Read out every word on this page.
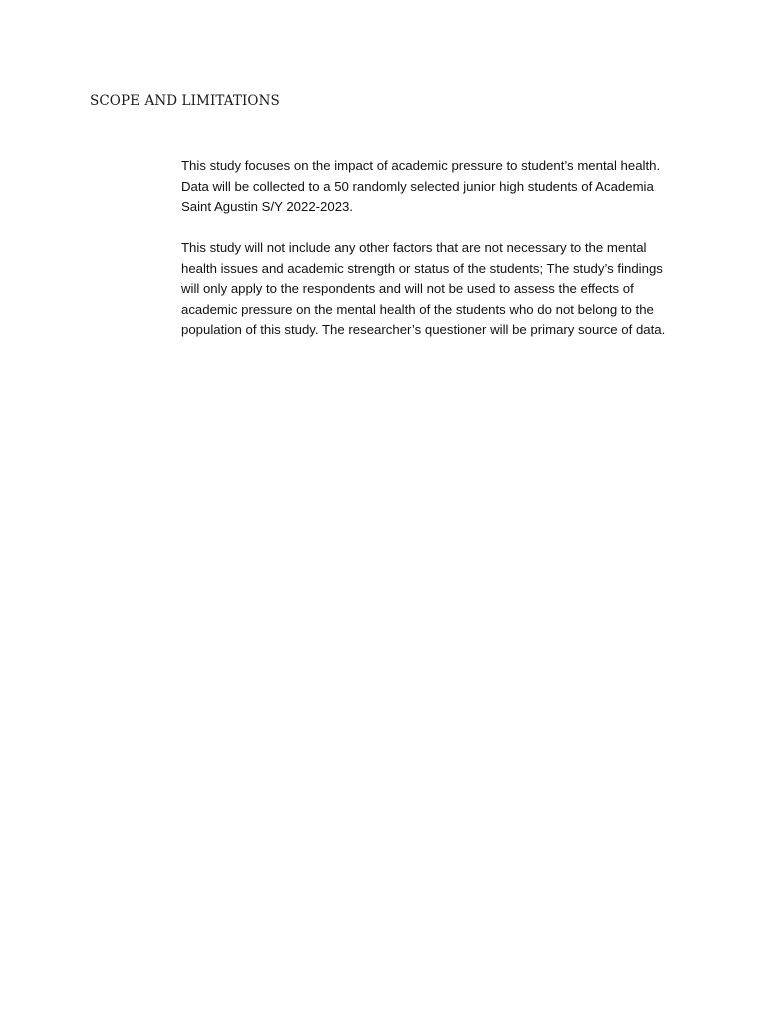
SCOPE AND LIMITATIONS

This study focuses on the impact of academic pressure to student’s mental health. Data will be collected to a 50 randomly selected junior high students of Academia Saint Agustin S/Y 2022-2023.

This study will not include any other factors that are not necessary to the mental health issues and academic strength or status of the students; The study’s findings will only apply to the respondents and will not be used to assess the effects of academic pressure on the mental health of the students who do not belong to the population of this study. The researcher’s questioner will be primary source of data.
